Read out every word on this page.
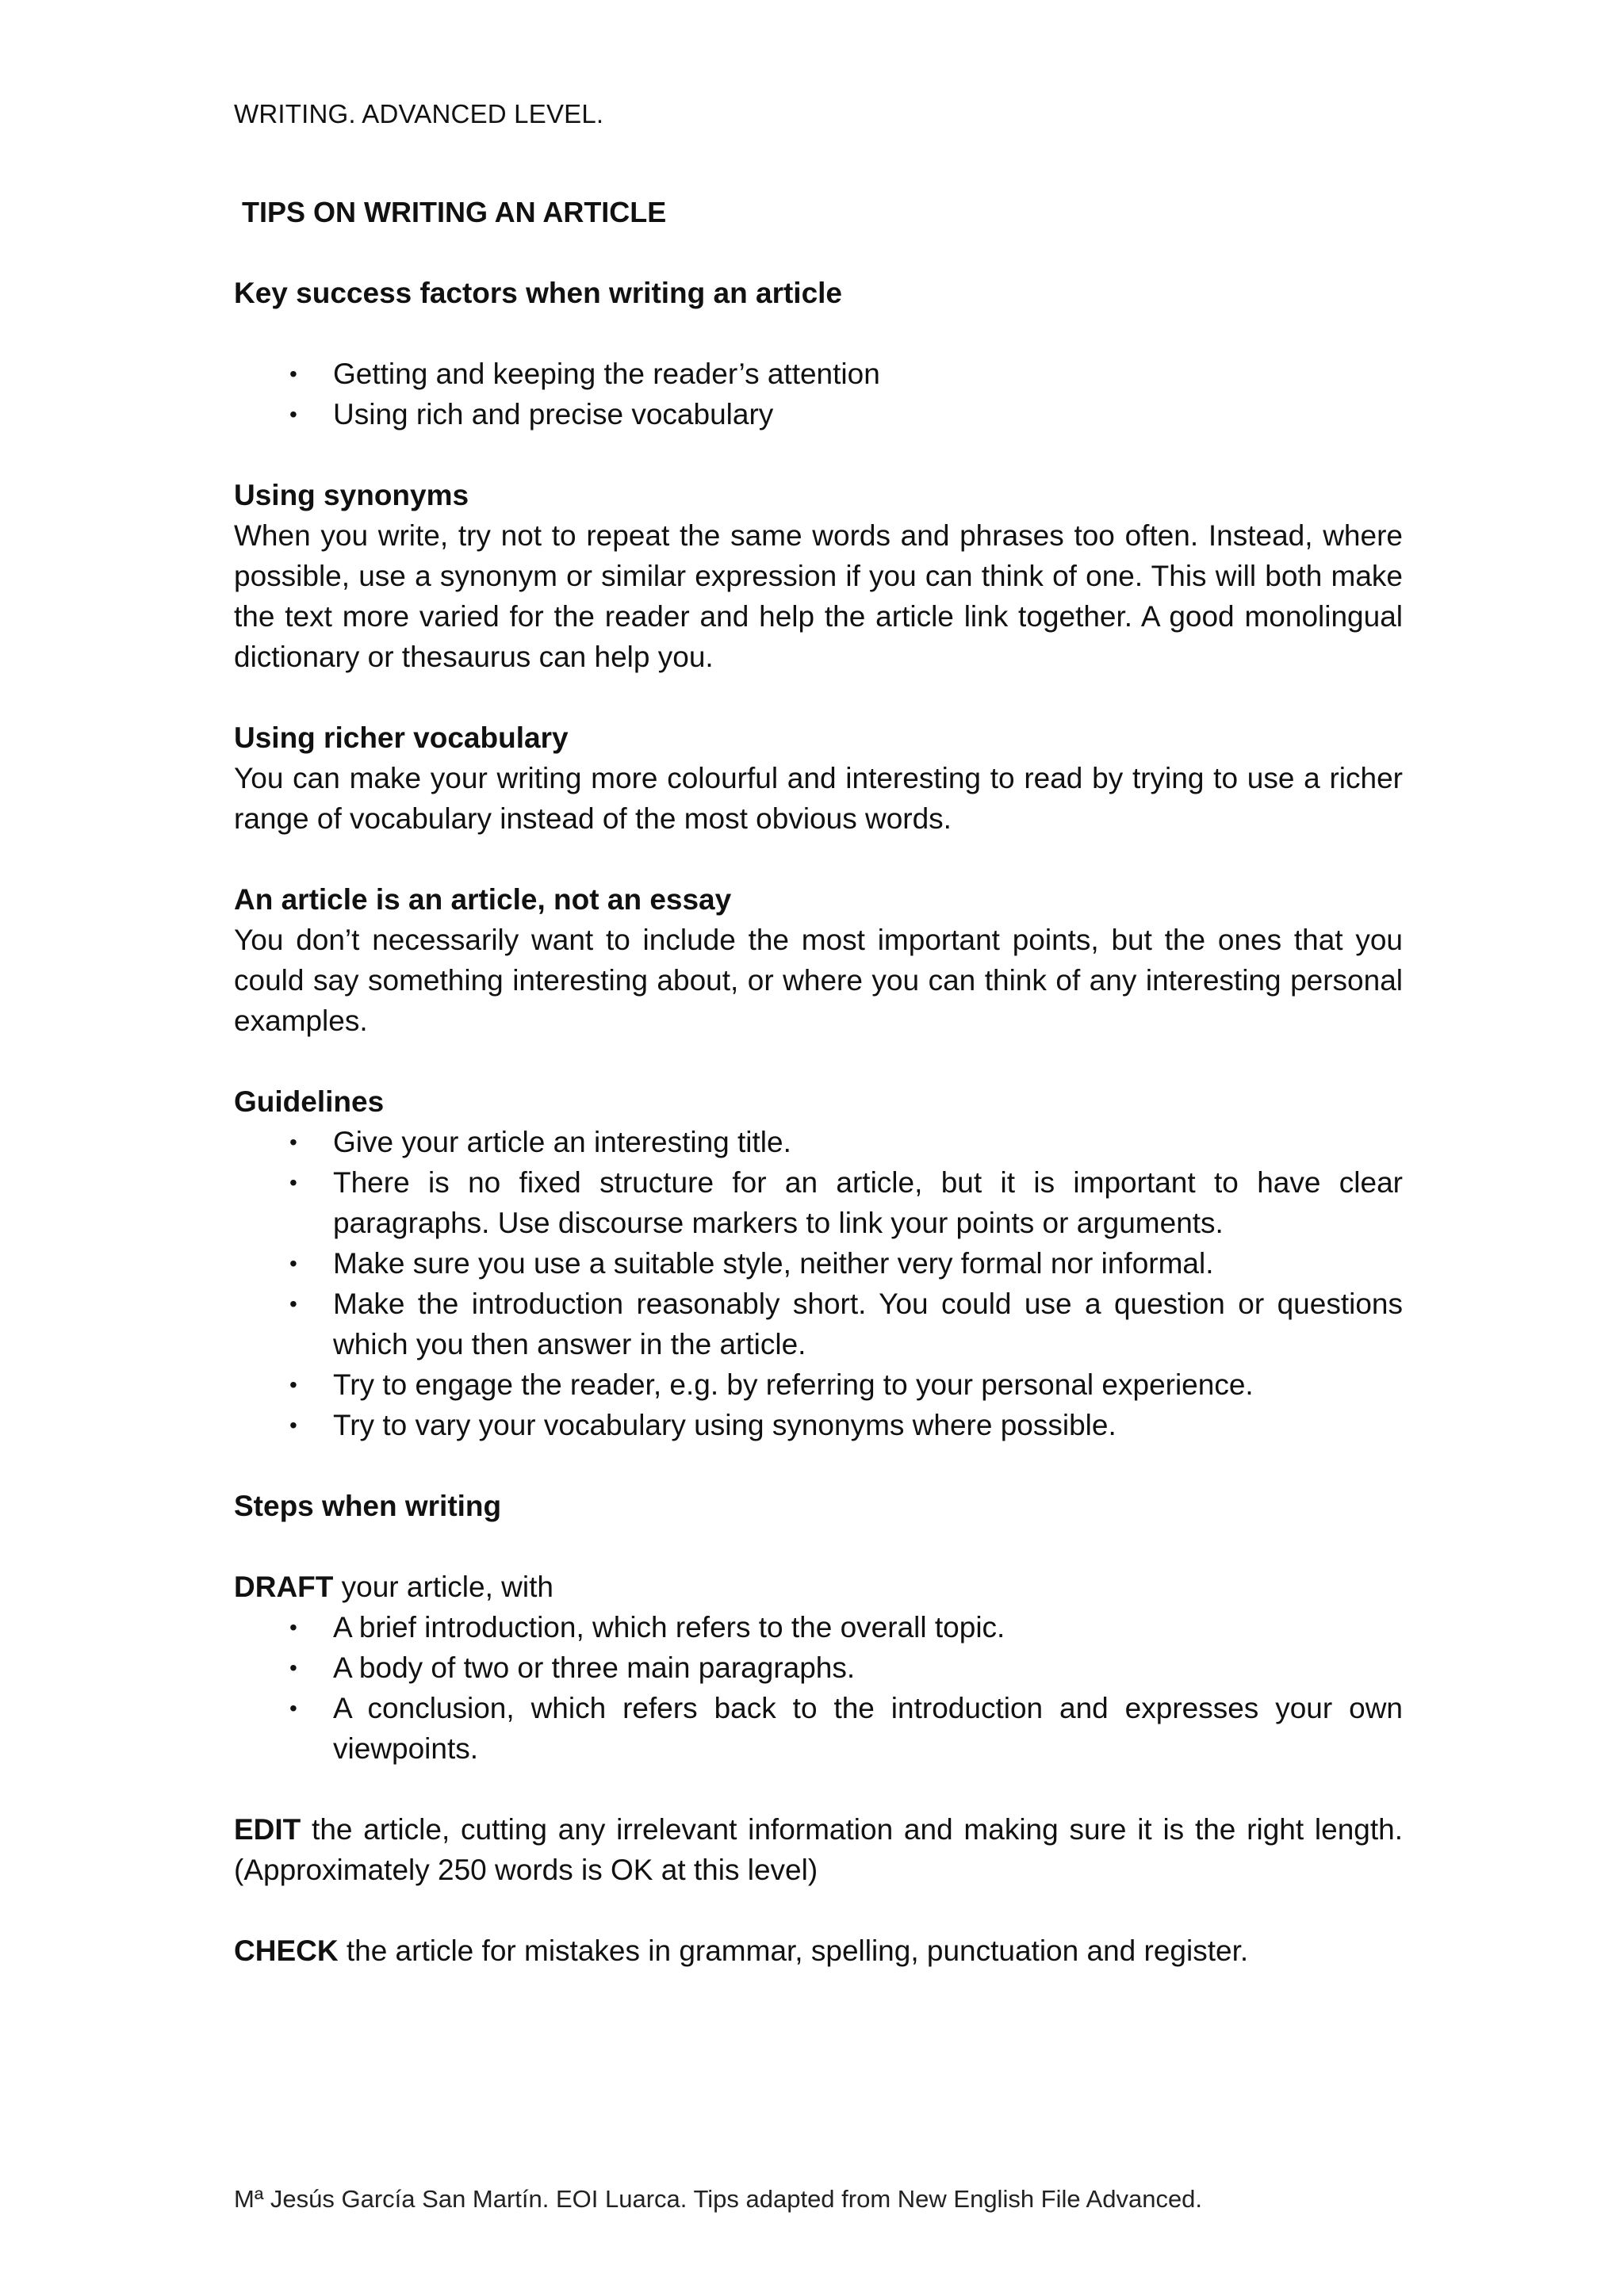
WRITING. ADVANCED LEVEL.
TIPS ON WRITING AN ARTICLE
Key success factors when writing an article
• Getting and keeping the reader’s attention
• Using rich and precise vocabulary
Using synonyms

When you write, try not to repeat the same words and phrases too often. Instead, where possible, use a synonym or similar expression if you can think of one. This will both make the text more varied for the reader and help the article link together. A good monolingual dictionary or thesaurus can help you.

Using richer vocabulary

You can make your writing more colourful and interesting to read by trying to use a richer range of vocabulary instead of the most obvious words.

An article is an article, not an essay

You don’t necessarily want to include the most important points, but the ones that you could say something interesting about, or where you can think of any interesting personal examples.

Guidelines
• Give your article an interesting title.
• There is no fixed structure for an article, but it is important to have clear paragraphs. Use discourse markers to link your points or arguments.
• Make sure you use a suitable style, neither very formal nor informal.
• Make the introduction reasonably short. You could use a question or questions which you then answer in the article.
• Try to engage the reader, e.g. by referring to your personal experience.
• Try to vary your vocabulary using synonyms where possible.
Steps when writing

DRAFT your article, with

• A brief introduction, which refers to the overall topic.
• A body of two or three main paragraphs.
• A conclusion, which refers back to the introduction and expresses your own viewpoints.

EDIT the article, cutting any irrelevant information and making sure it is the right length. (Approximately 250 words is OK at this level)

CHECK the article for mistakes in grammar, spelling, punctuation and register.

Mª Jesús García San Martín. EOI Luarca. Tips adapted from New English File Advanced.
